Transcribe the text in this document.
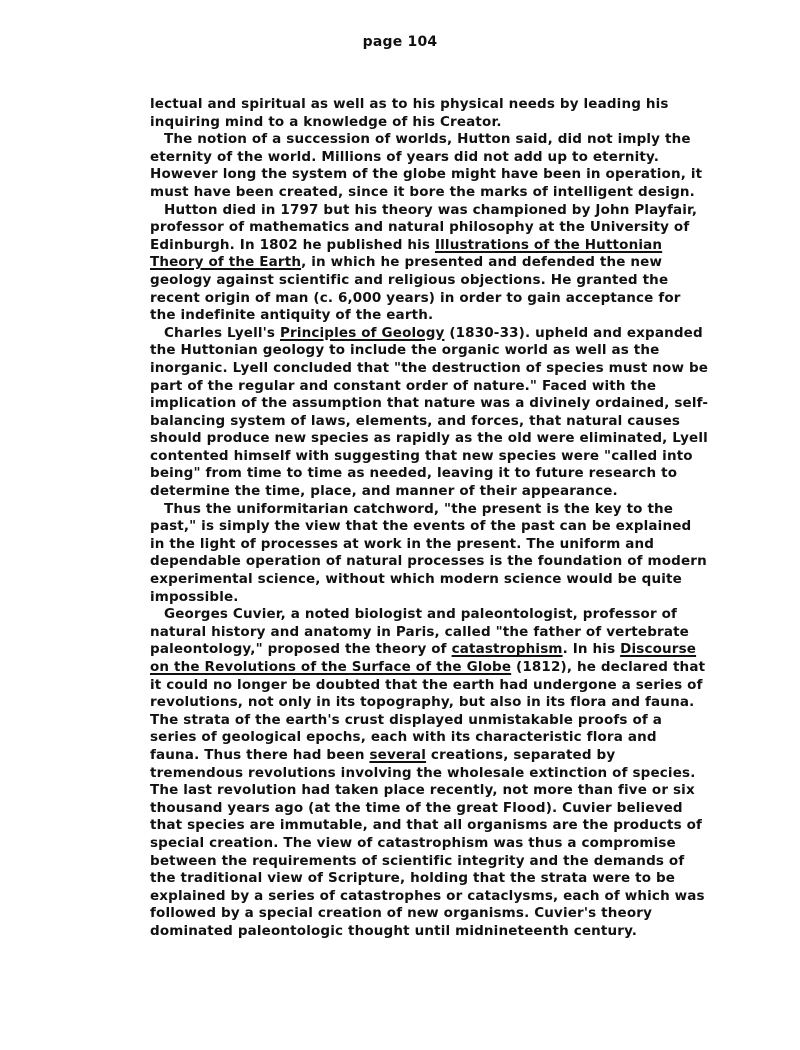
page 104

lectual and spiritual as well as to his physical needs by leading his inquiring mind to a knowledge of his Creator.

The notion of a succession of worlds, Hutton said, did not imply the eternity of the world. Millions of years did not add up to eternity. However long the system of the globe might have been in operation, it must have been created, since it bore the marks of intelligent design.

Hutton died in 1797 but his theory was championed by John Playfair, professor of mathematics and natural philosophy at the University of Edinburgh. In 1802 he published his Illustrations of the Huttonian Theory of the Earth, in which he presented and defended the new geology against scientific and religious objections. He granted the recent origin of man (c. 6,000 years) in order to gain acceptance for the indefinite antiquity of the earth.

Charles Lyell's Principles of Geology (1830-33). upheld and expanded the Huttonian geology to include the organic world as well as the inorganic. Lyell concluded that "the destruction of species must now be part of the regular and constant order of nature." Faced with the implication of the assumption that nature was a divinely ordained, self-balancing system of laws, elements, and forces, that natural causes should produce new species as rapidly as the old were eliminated, Lyell contented himself with suggesting that new species were "called into being" from time to time as needed, leaving it to future research to determine the time, place, and manner of their appearance.

Thus the uniformitarian catchword, "the present is the key to the past," is simply the view that the events of the past can be explained in the light of processes at work in the present. The uniform and dependable operation of natural processes is the foundation of modern experimental science, without which modern science would be quite impossible.

Georges Cuvier, a noted biologist and paleontologist, professor of natural history and anatomy in Paris, called "the father of vertebrate paleontology," proposed the theory of catastrophism. In his Discourse on the Revolutions of the Surface of the Globe (1812), he declared that it could no longer be doubted that the earth had undergone a series of revolutions, not only in its topography, but also in its flora and fauna. The strata of the earth's crust displayed unmistakable proofs of a series of geological epochs, each with its characteristic flora and fauna. Thus there had been several creations, separated by tremendous revolutions involving the wholesale extinction of species. The last revolution had taken place recently, not more than five or six thousand years ago (at the time of the great Flood). Cuvier believed that species are immutable, and that all organisms are the products of special creation. The view of catastrophism was thus a compromise between the requirements of scientific integrity and the demands of the traditional view of Scripture, holding that the strata were to be explained by a series of catastrophes or cataclysms, each of which was followed by a special creation of new organisms. Cuvier's theory dominated paleontologic thought until midnineteenth century.
